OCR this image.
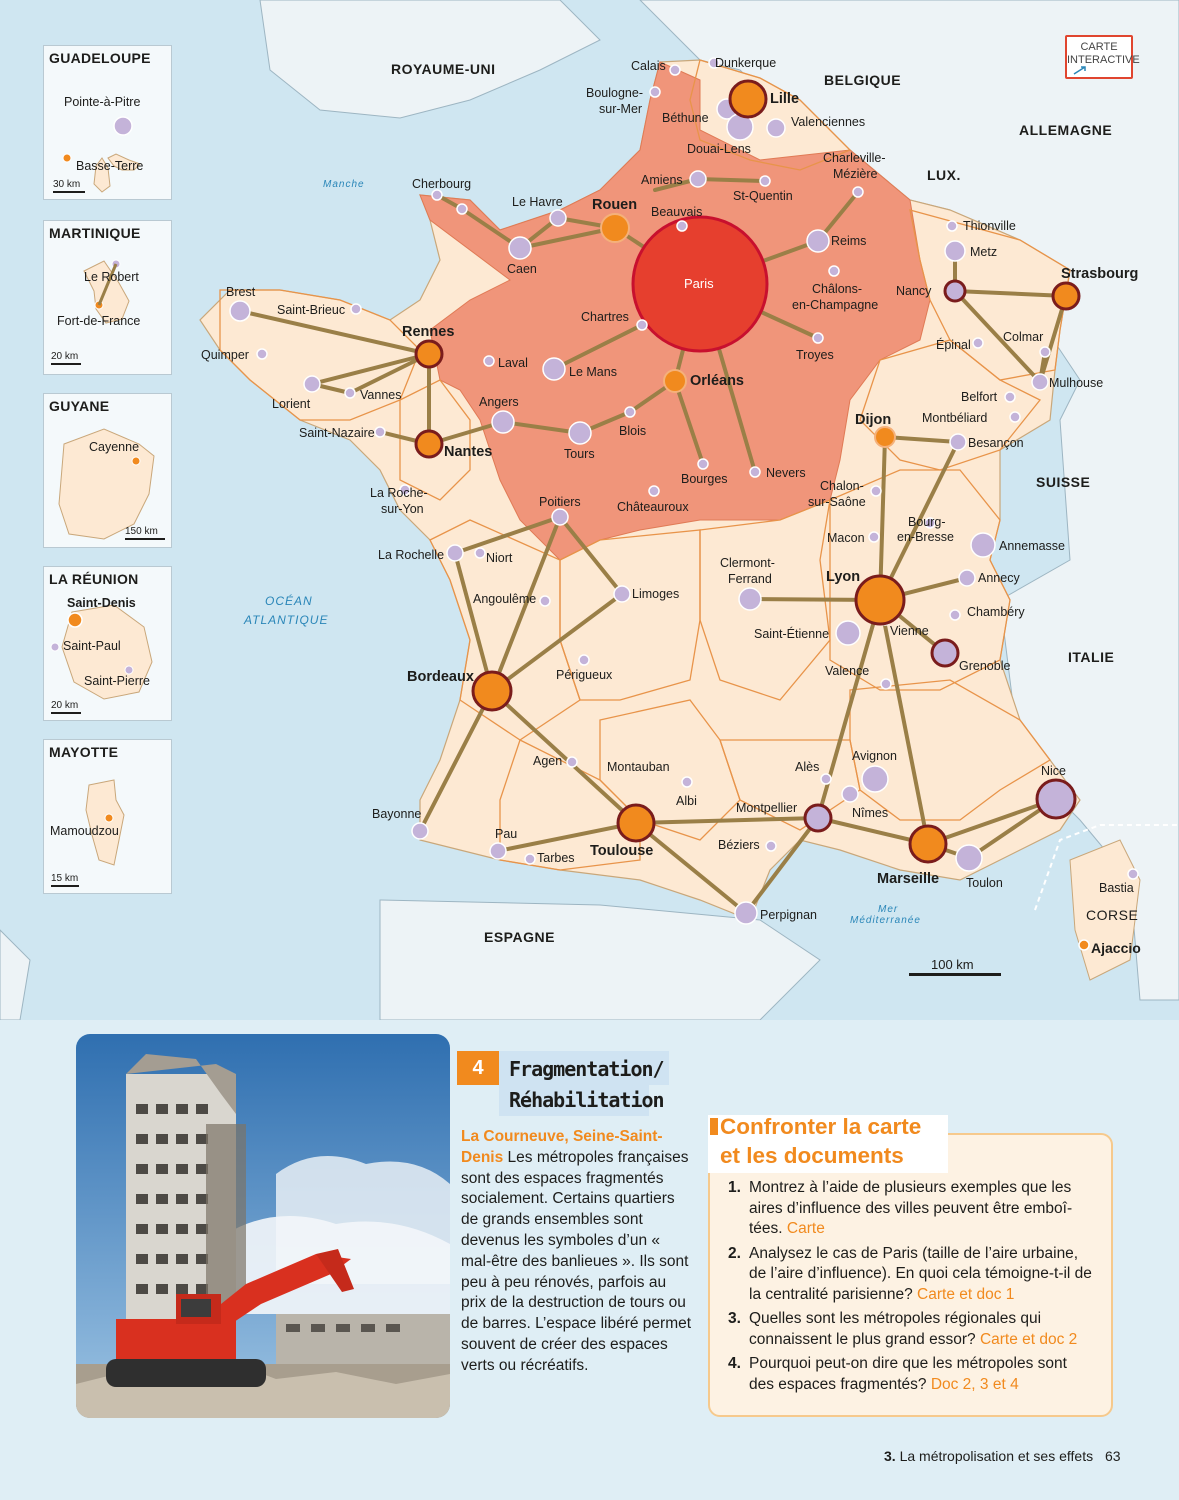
ROYAUME-UNI
BELGIQUE
ALLEMAGNE
LUX.
SUISSE
ITALIE
ESPAGNE
CORSE
Manche
OCÉAN
ATLANTIQUE
Mer
Méditerranée
Paris
Lille
Rouen
Rennes
Nantes
Orléans
Strasbourg
Dijon
Lyon
Bordeaux
Toulouse
Marseille
Calais	Dunkerque
Boulogne-
sur-Mer
Béthune	Valenciennes
Douai-Lens
Charleville-
Mézière
Cherbourg
Le Havre
Amiens
St-Quentin
Beauvais
Caen
Reims
Thionville
Metz
Châlons-
en-Champagne
Nancy
Brest
Saint-Brieuc	Chartres
Quimper
Laval
Le Mans
Troyes
Épinal
Colmar
Lorient
Vannes
Mulhouse
Belfort
Angers
Montbéliard
Saint-Nazaire	Blois
Besançon
Tours
Bourges	Nevers
La Roche-
sur-Yon	Poitiers	Châteauroux
Chalon-
sur-Saône
Bourg-
en-Bresse
Annemasse
La Rochelle	Niort
Macon
Clermont-
Ferrand	Annecy
Angoulême	Limoges
Chambéry
Saint-Étienne	Vienne
Grenoble
Périgueux	Valence
Avignon
Agen	Montauban	Alès	Nice
Albi	Montpellier	Nîmes
Bayonne
Pau
Béziers
Tarbes
Toulon
Perpignan
Bastia
Ajaccio
CARTE
INTERACTIVE
100 km
GUADELOUPE
Pointe-à-Pitre
Basse-Terre
30 km
MARTINIQUE
Le Robert
Fort-de-France
20 km
GUYANE
Cayenne
150 km
LA RÉUNION
Saint-Denis
Saint-Paul
Saint-Pierre
20 km
MAYOTTE
Mamoudzou
15 km
4	Fragmentation/
Réhabilitation
La Courneuve, Seine-Saint-Denis Les métropoles françaises sont des espaces fragmentés socialement. Certains quartiers de grands ensembles sont devenus les symboles d’un « mal-être des banlieues ». Ils sont peu à peu rénovés, parfois au prix de la destruction de tours ou de barres. L’espace libéré permet souvent de créer des espaces verts ou récréatifs.
Confronter la carte
et les documents
1. Montrez à l’aide de plusieurs exemples que les aires d’influence des villes peuvent être emboîtées. Carte
2. Analysez le cas de Paris (taille de l’aire urbaine, de l’aire d’influence). En quoi cela témoigne-t-il de la centralité parisienne? Carte et doc 1
3. Quelles sont les métropoles régionales qui connaissent le plus grand essor? Carte et doc 2
4. Pourquoi peut-on dire que les métropoles sont des espaces fragmentés? Doc 2, 3 et 4
3. La métropolisation et ses effets 63
